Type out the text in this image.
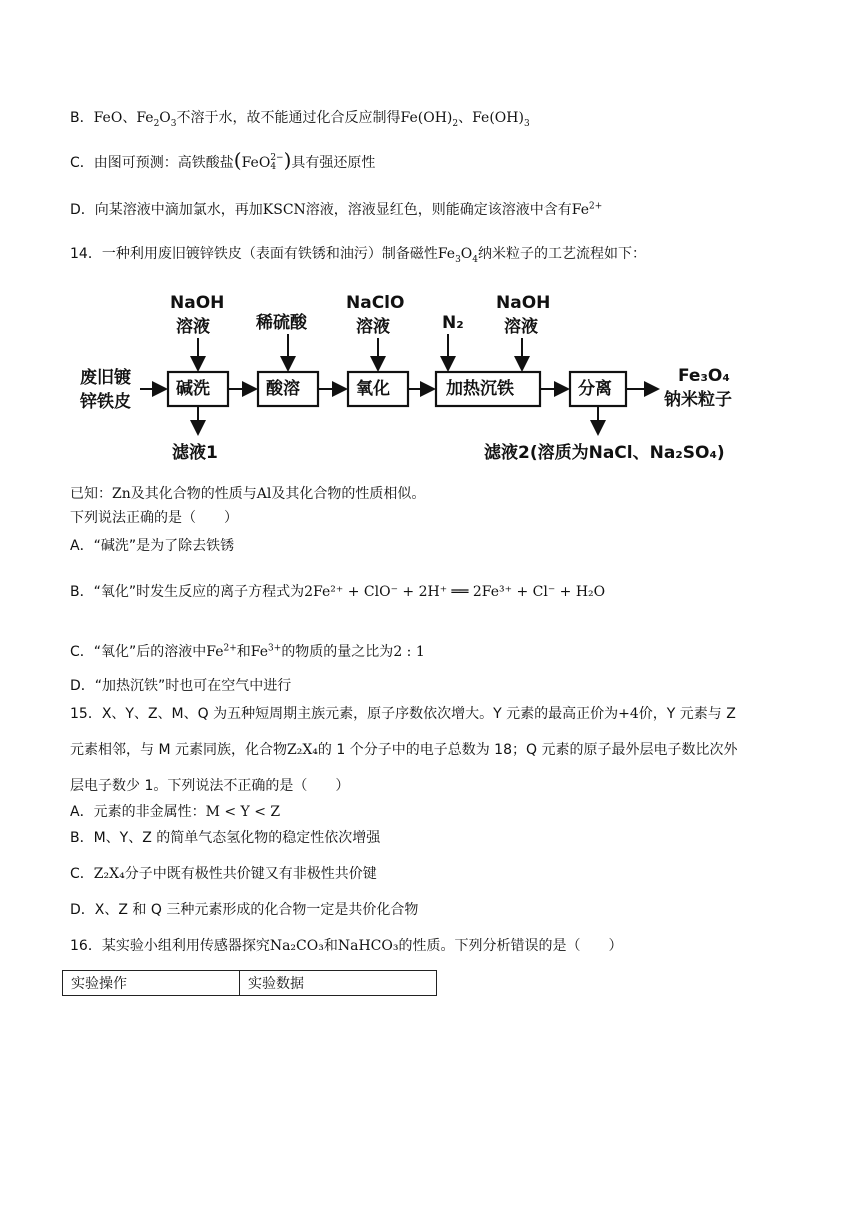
B．FeO、$Fe_2O_3$不溶于水，故不能通过化合反应制得$Fe(OH)_2$、$Fe(OH)_3$
C．由图可预测：高铁酸盐(FeO 2−
4 )具有强还原性
D．向某溶液中滴加氯水，再加KSCN溶液，溶液显红色，则能确定该溶液中含有$Fe^{2+}$
14．一种利用废旧镀锌铁皮（表面有铁锈和油污）制备磁性$Fe_3O_4$纳米粒子的工艺流程如下：
废旧镀
锌铁皮
NaOH
溶液	稀硫酸
NaClO
溶液	N₂
NaOH
溶液
碱洗	酸溶	氧化	加热沉铁	分离
Fe₃O₄
钠米粒子
滤液1	滤液2(溶质为NaCl、Na₂SO₄)
已知：Zn及其化合物的性质与Al及其化合物的性质相似。
下列说法正确的是（　　）
A．“碱洗”是为了除去铁锈
B．“氧化”时发生反应的离子方程式为2Fe²⁺ + ClO⁻ + 2H⁺ ══ 2Fe³⁺ + Cl⁻ + H₂O
C．“氧化”后的溶液中$Fe^{2+}$和$Fe^{3+}$的物质的量之比为2 : 1
D．“加热沉铁”时也可在空气中进行
15．X、Y、Z、M、Q 为五种短周期主族元素，原子序数依次增大。Y 元素的最高正价为+4价，Y 元素与 Z
元素相邻，与 M 元素同族，化合物Z₂X₄的 1 个分子中的电子总数为 18；Q 元素的原子最外层电子数比次外
层电子数少 1。下列说法不正确的是（　　）
A．元素的非金属性：M < Y < Z
B．M、Y、Z 的简单气态氢化物的稳定性依次增强
C．Z₂X₄分子中既有极性共价键又有非极性共价键
D．X、Z 和 Q 三种元素形成的化合物一定是共价化合物
16．某实验小组利用传感器探究Na₂CO₃和NaHCO₃的性质。下列分析错误的是（　　）
实验操作	实验数据
